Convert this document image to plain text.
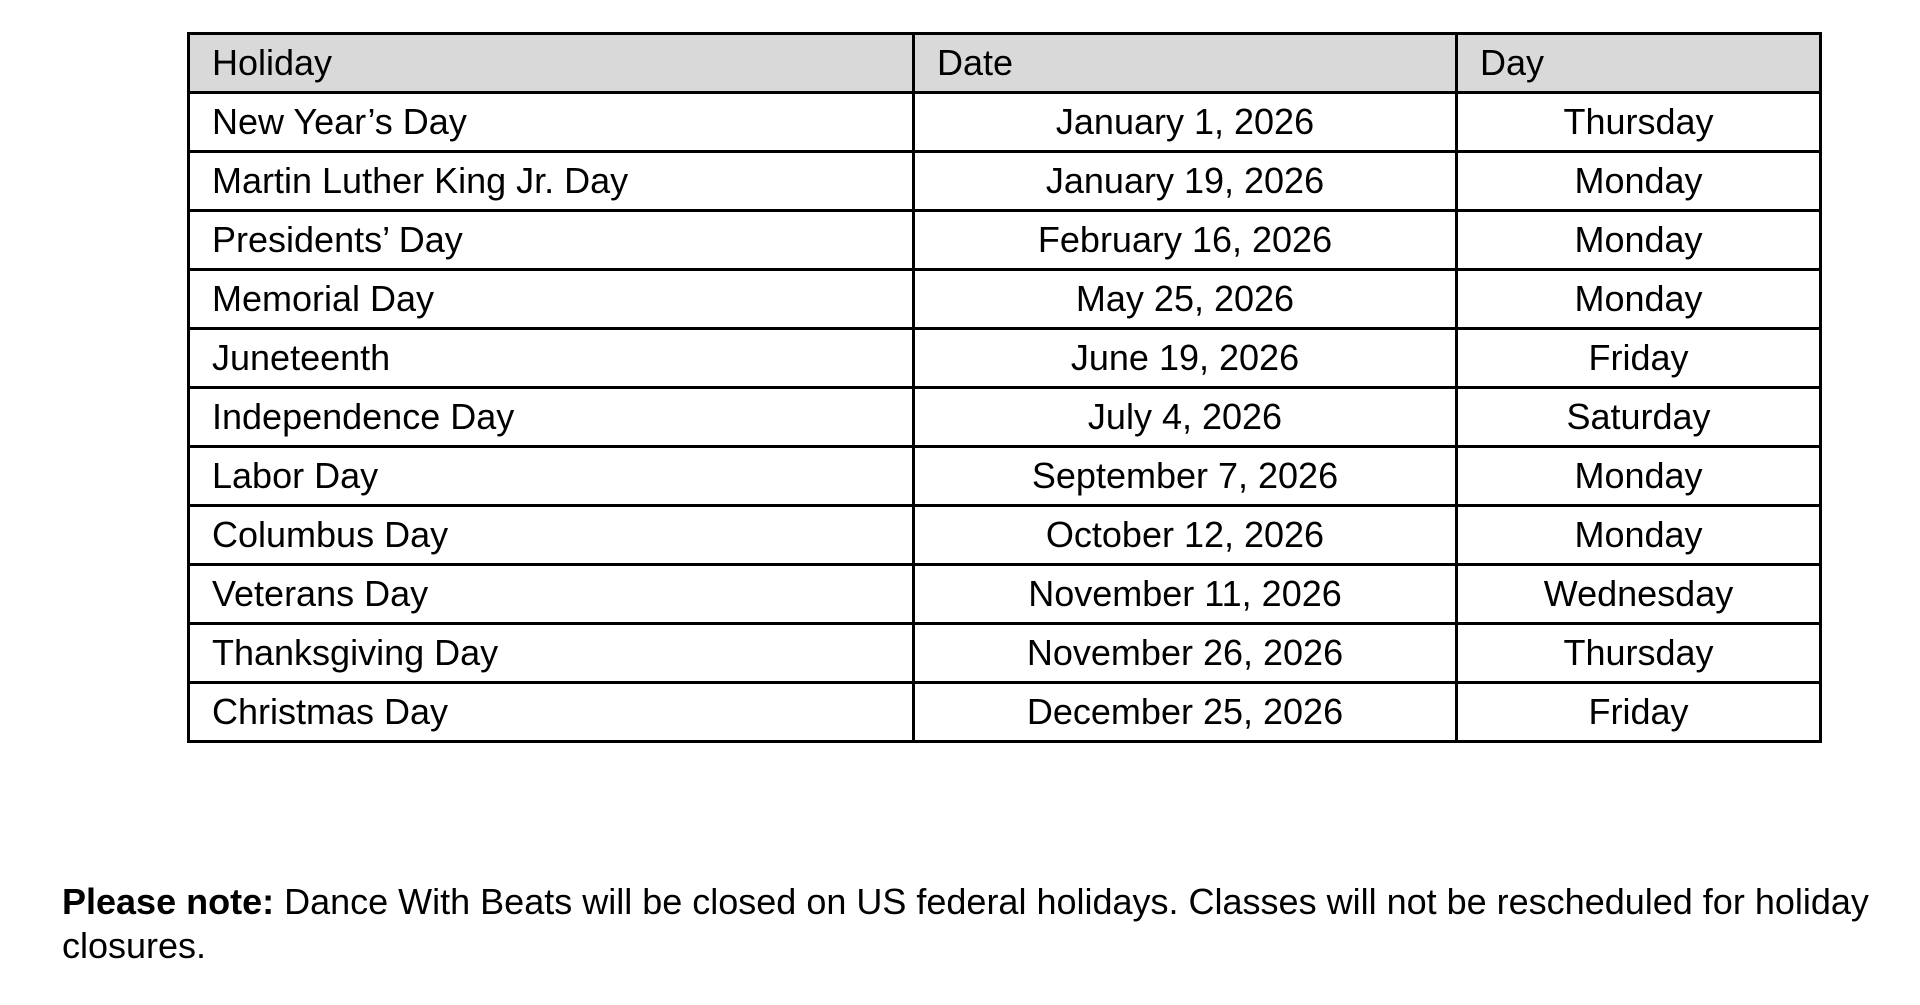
Holiday	Date	Day
New Year’s Day	January 1, 2026	Thursday
Martin Luther King Jr. Day	January 19, 2026	Monday
Presidents’ Day	February 16, 2026	Monday
Memorial Day	May 25, 2026	Monday
Juneteenth	June 19, 2026	Friday
Independence Day	July 4, 2026	Saturday
Labor Day	September 7, 2026	Monday
Columbus Day	October 12, 2026	Monday
Veterans Day	November 11, 2026	Wednesday
Thanksgiving Day	November 26, 2026	Thursday
Christmas Day	December 25, 2026	Friday

Please note: Dance With Beats will be closed on US federal holidays. Classes will not be rescheduled for holiday closures.
